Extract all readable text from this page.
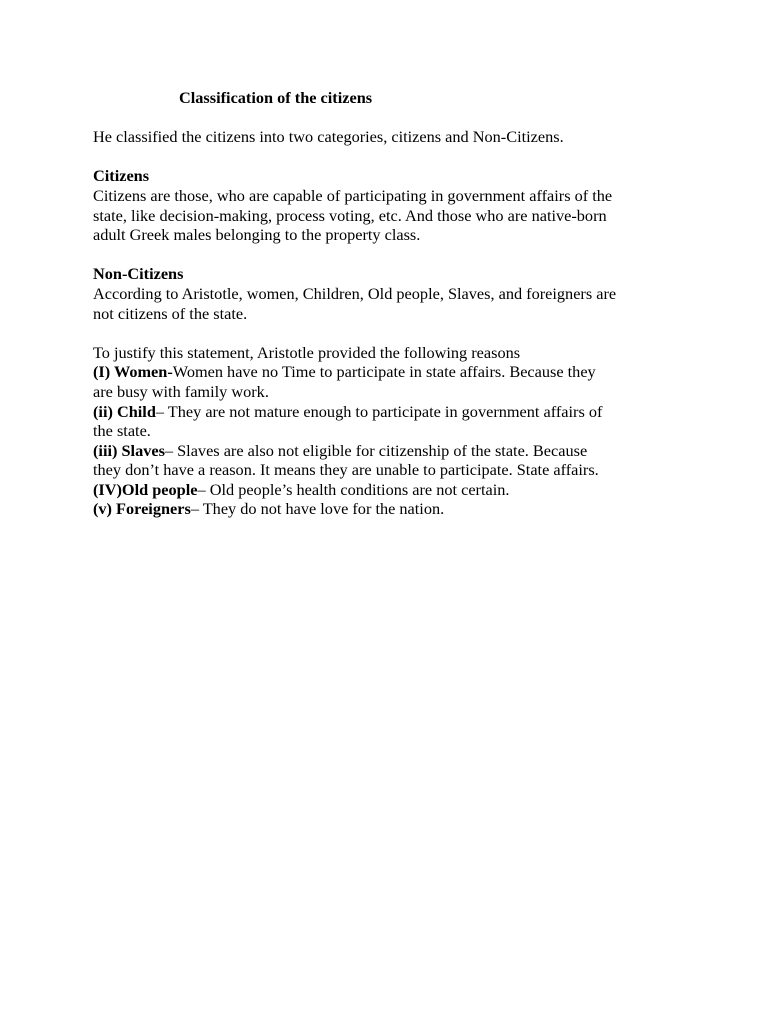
Classification of the citizens

He classified the citizens into two categories, citizens and Non-Citizens.

Citizens

Citizens are those, who are capable of participating in government affairs of the

state, like decision-making, process voting, etc. And those who are native-born

adult Greek males belonging to the property class.

Non-Citizens

According to Aristotle, women, Children, Old people, Slaves, and foreigners are

not citizens of the state.

To justify this statement, Aristotle provided the following reasons

(I) Women-Women have no Time to participate in state affairs. Because they

are busy with family work.

(ii) Child– They are not mature enough to participate in government affairs of

the state.

(iii) Slaves– Slaves are also not eligible for citizenship of the state. Because

they don’t have a reason. It means they are unable to participate. State affairs.

(IV)Old people– Old people’s health conditions are not certain.

(v) Foreigners– They do not have love for the nation.
